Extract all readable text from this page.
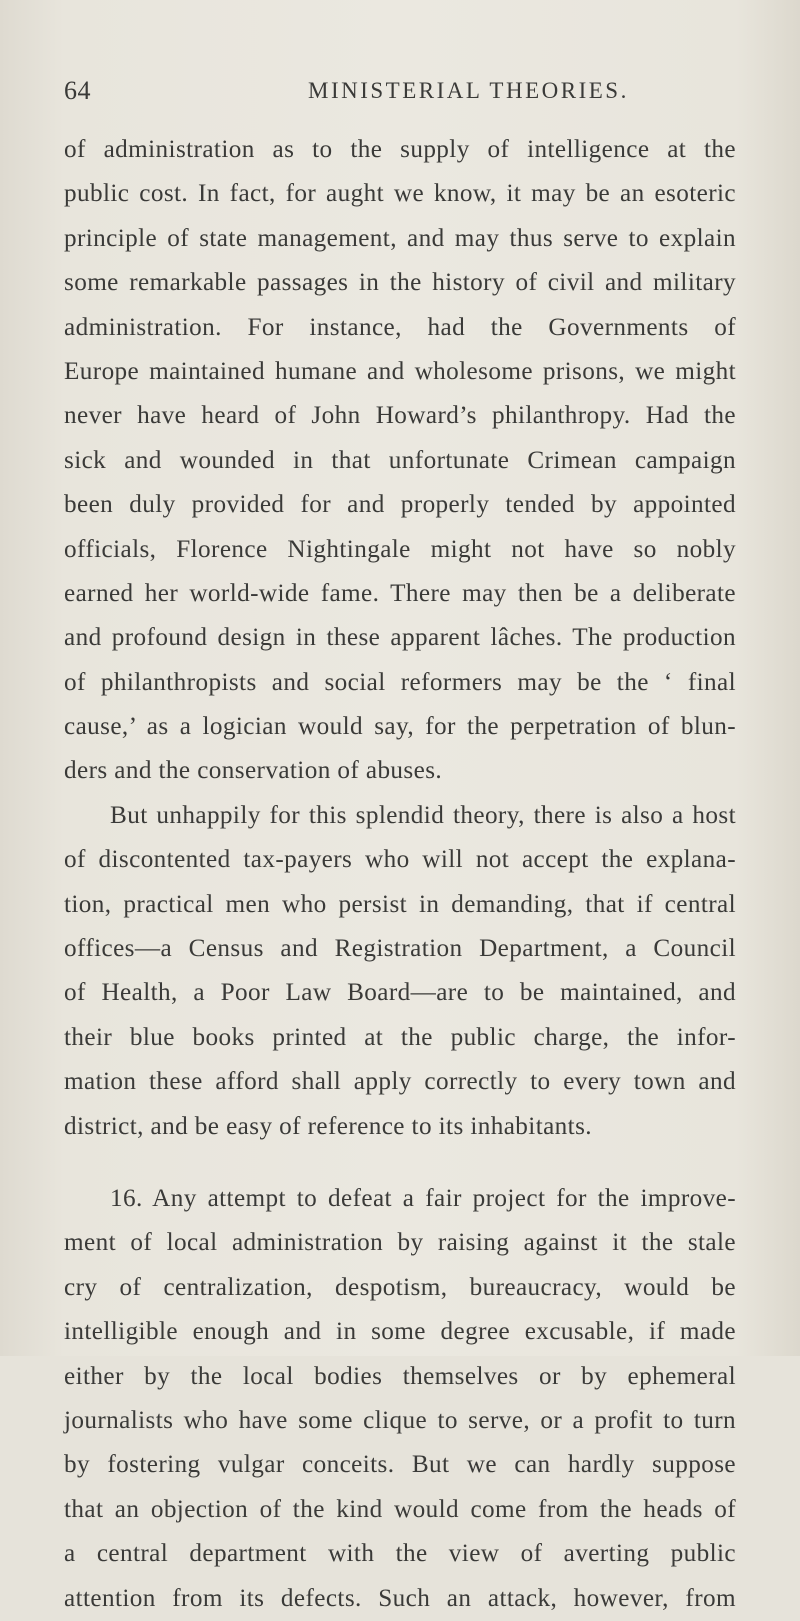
64	MINISTERIAL THEORIES.
of administration as to the supply of intelligence at the
public cost. In fact, for aught we know, it may be an esoteric
principle of state management, and may thus serve to explain
some remarkable passages in the history of civil and military
administration. For instance, had the Governments of
Europe maintained humane and wholesome prisons, we might
never have heard of John Howard’s philanthropy. Had the
sick and wounded in that unfortunate Crimean campaign
been duly provided for and properly tended by appointed
officials, Florence Nightingale might not have so nobly
earned her world-wide fame. There may then be a deliberate
and profound design in these apparent lâches. The production
of philanthropists and social reformers may be the ‘ final
cause,’ as a logician would say, for the perpetration of blun-
ders and the conservation of abuses.
But unhappily for this splendid theory, there is also a host
of discontented tax-payers who will not accept the explana-
tion, practical men who persist in demanding, that if central
offices—a Census and Registration Department, a Council
of Health, a Poor Law Board—are to be maintained, and
their blue books printed at the public charge, the infor-
mation these afford shall apply correctly to every town and
district, and be easy of reference to its inhabitants.
16. Any attempt to defeat a fair project for the improve-
ment of local administration by raising against it the stale
cry of centralization, despotism, bureaucracy, would be
intelligible enough and in some degree excusable, if made
either by the local bodies themselves or by ephemeral
journalists who have some clique to serve, or a profit to turn
by fostering vulgar conceits. But we can hardly suppose
that an objection of the kind would come from the heads of
a central department with the view of averting public
attention from its defects. Such an attack, however, from
